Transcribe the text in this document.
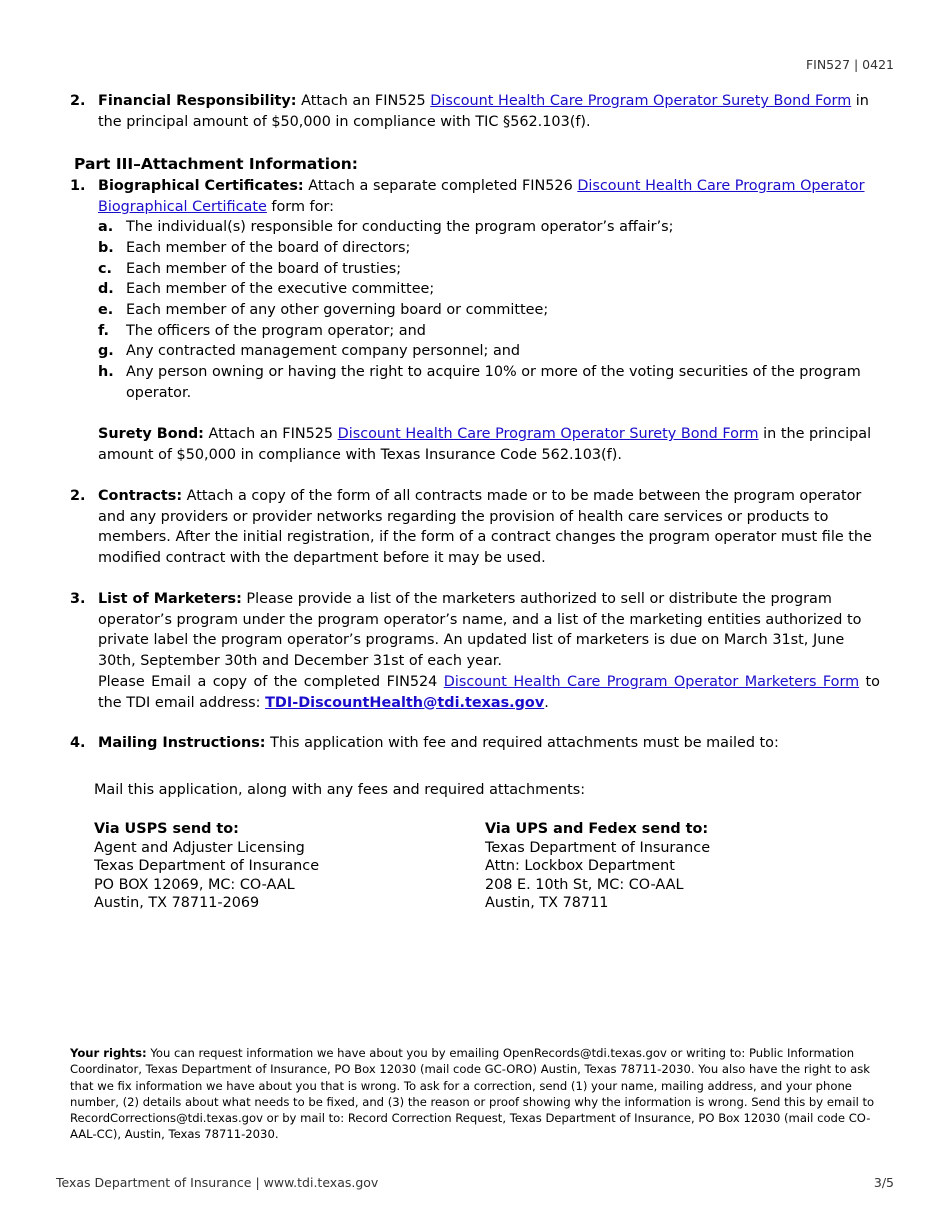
FIN527 | 0421
2. Financial Responsibility: Attach an FIN525 Discount Health Care Program Operator Surety Bond Form in the principal amount of $50,000 in compliance with TIC §562.103(f).
Part III–Attachment Information:
1. Biographical Certificates: Attach a separate completed FIN526 Discount Health Care Program Operator Biographical Certificate form for:
a. The individual(s) responsible for conducting the program operator’s affair’s;
b. Each member of the board of directors;
c. Each member of the board of trusties;
d. Each member of the executive committee;
e. Each member of any other governing board or committee;
f. The officers of the program operator; and
g. Any contracted management company personnel; and
h. Any person owning or having the right to acquire 10% or more of the voting securities of the program operator.
Surety Bond: Attach an FIN525 Discount Health Care Program Operator Surety Bond Form in the principal amount of $50,000 in compliance with Texas Insurance Code 562.103(f).
2. Contracts: Attach a copy of the form of all contracts made or to be made between the program operator and any providers or provider networks regarding the provision of health care services or products to members. After the initial registration, if the form of a contract changes the program operator must file the modified contract with the department before it may be used.
3. List of Marketers: Please provide a list of the marketers authorized to sell or distribute the program operator’s program under the program operator’s name, and a list of the marketing entities authorized to private label the program operator’s programs. An updated list of marketers is due on March 31st, June 30th, September 30th and December 31st of each year.
Please Email a copy of the completed FIN524 Discount Health Care Program Operator Marketers Form to the TDI email address: TDI-DiscountHealth@tdi.texas.gov.
4. Mailing Instructions: This application with fee and required attachments must be mailed to:
Mail this application, along with any fees and required attachments:
Via USPS send to:
Agent and Adjuster Licensing
Texas Department of Insurance
PO BOX 12069, MC: CO-AAL
Austin, TX 78711-2069
Via UPS and Fedex send to:
Texas Department of Insurance
Attn: Lockbox Department
208 E. 10th St, MC: CO-AAL
Austin, TX 78711
Your rights: You can request information we have about you by emailing OpenRecords@tdi.texas.gov or writing to: Public Information Coordinator, Texas Department of Insurance, PO Box 12030 (mail code GC-ORO) Austin, Texas 78711-2030. You also have the right to ask that we fix information we have about you that is wrong. To ask for a correction, send (1) your name, mailing address, and your phone number, (2) details about what needs to be fixed, and (3) the reason or proof showing why the information is wrong. Send this by email to RecordCorrections@tdi.texas.gov or by mail to: Record Correction Request, Texas Department of Insurance, PO Box 12030 (mail code CO-AAL-CC), Austin, Texas 78711-2030.
Texas Department of Insurance | www.tdi.texas.gov	3/5
